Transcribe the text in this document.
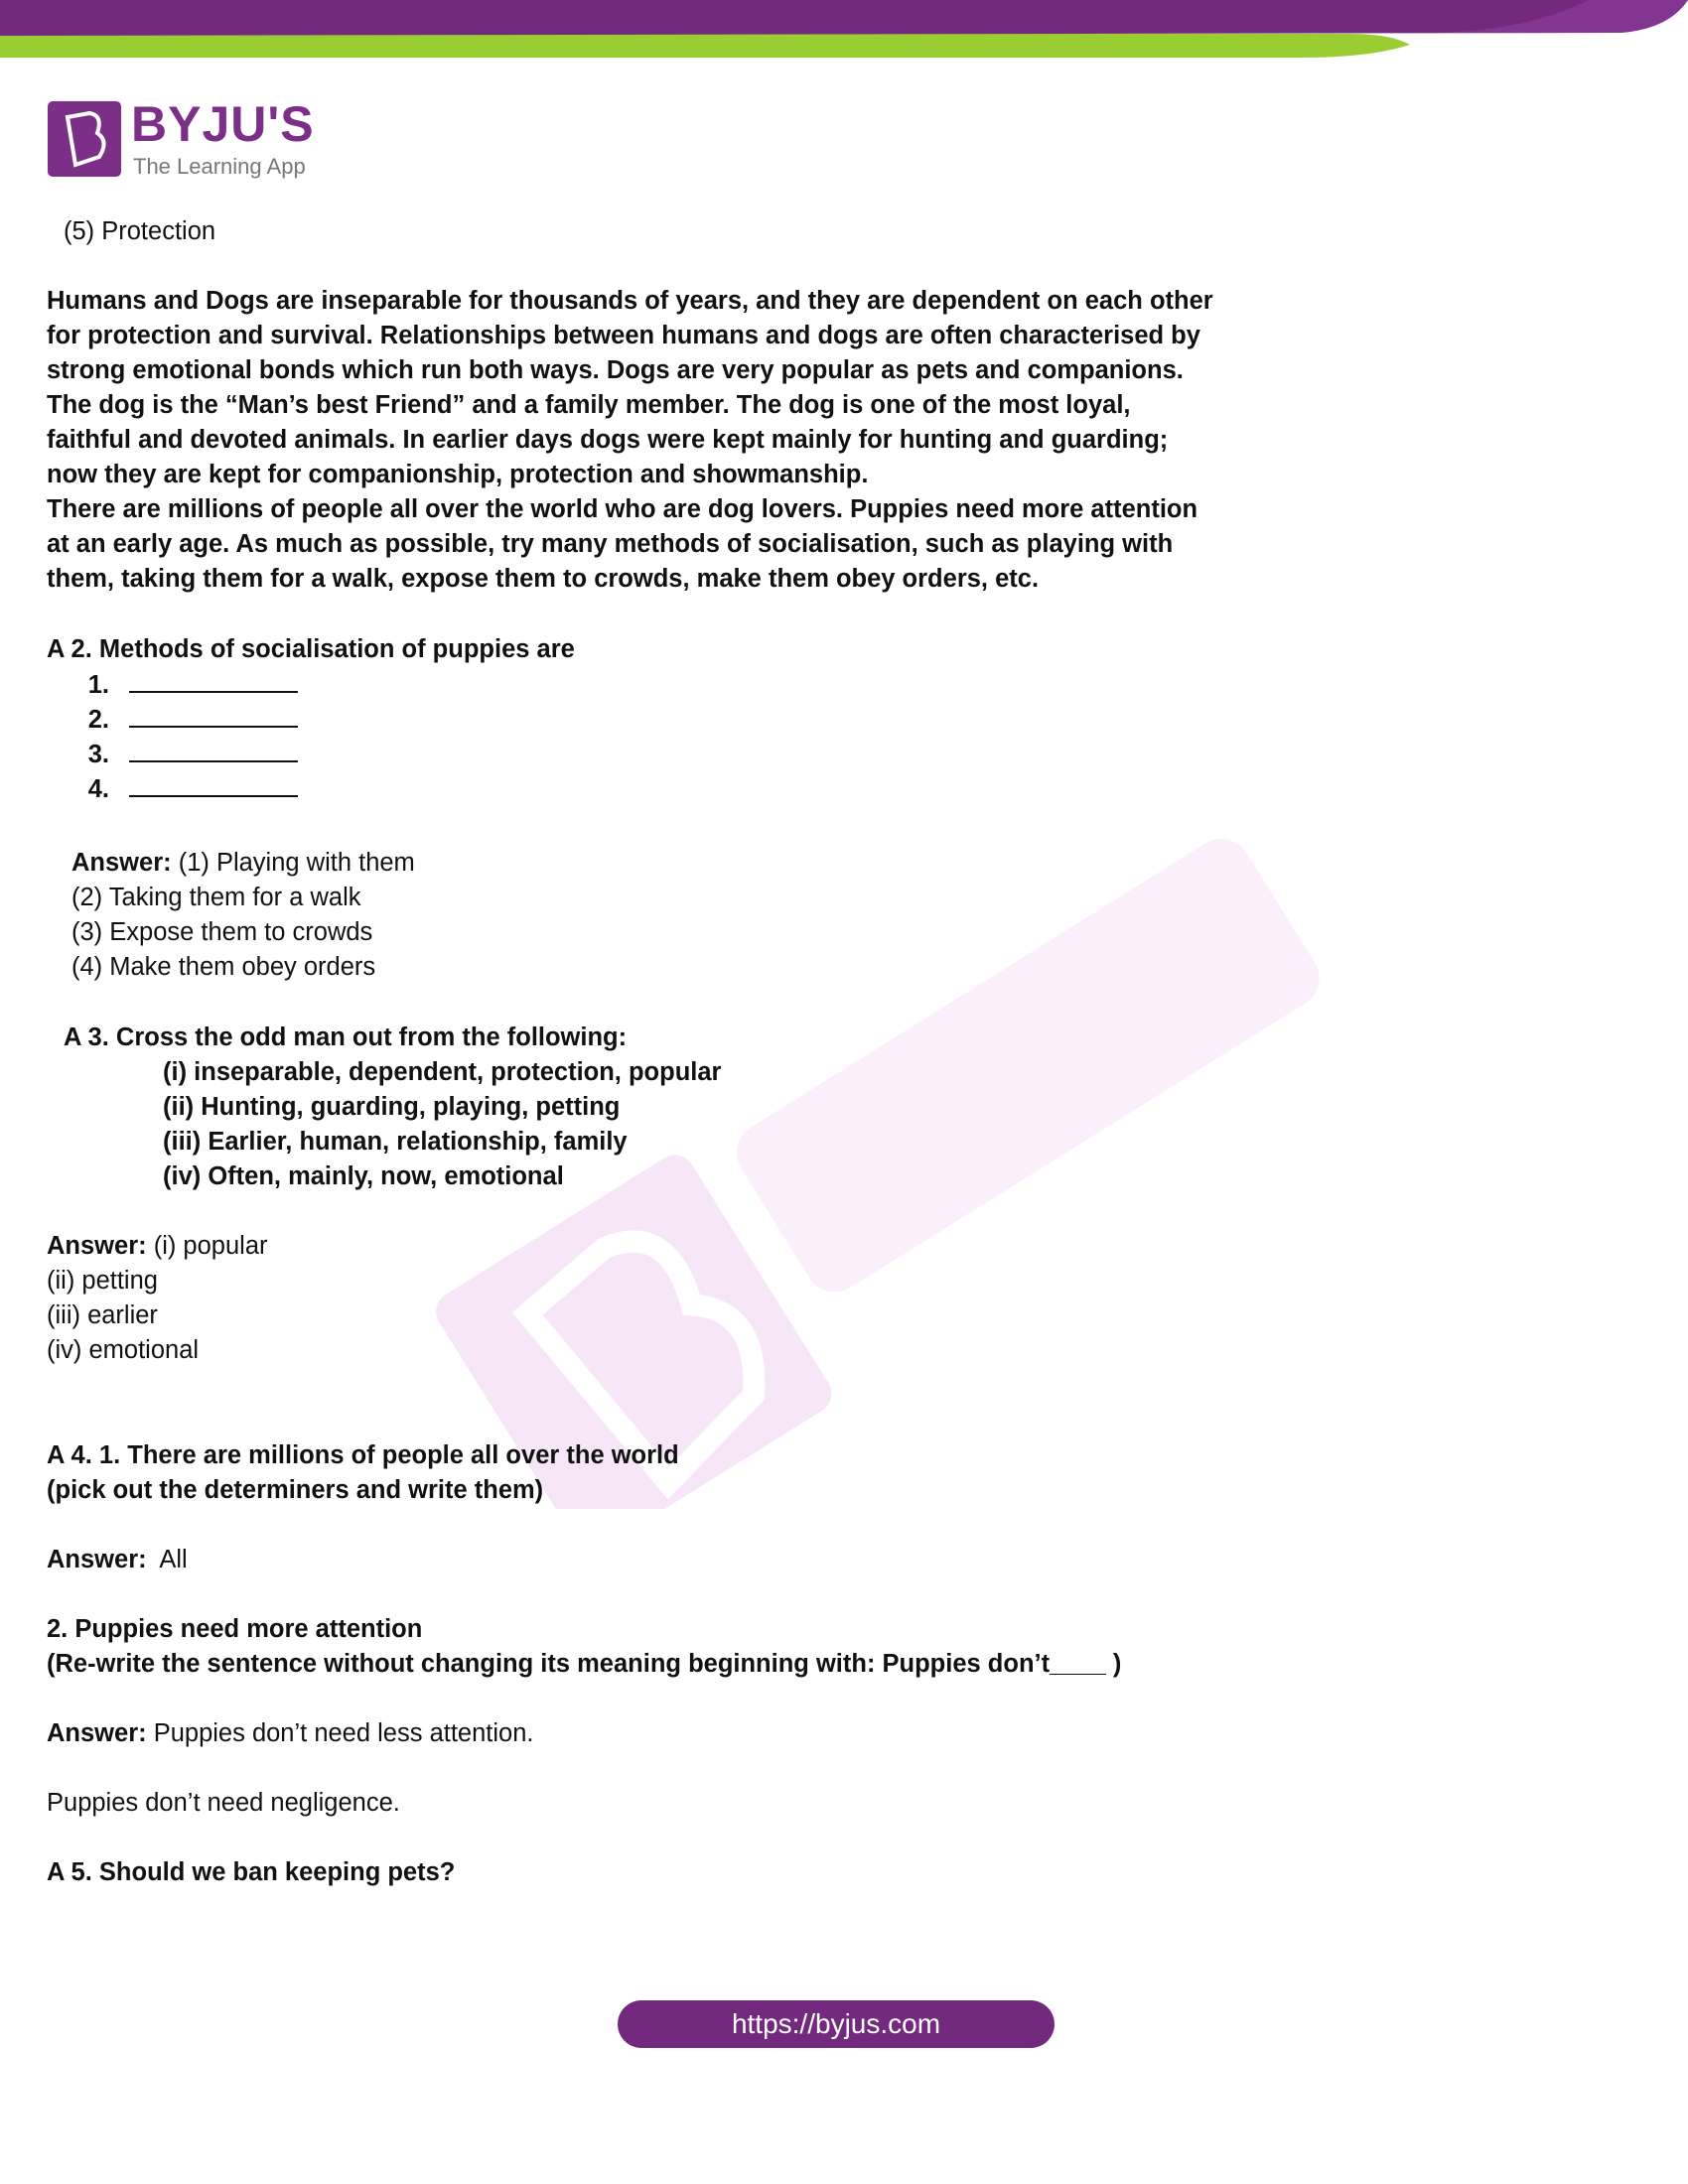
BYJU'S
The Learning App
(5) Protection
Humans and Dogs are inseparable for thousands of years, and they are dependent on each other
for protection and survival. Relationships between humans and dogs are often characterised by
strong emotional bonds which run both ways. Dogs are very popular as pets and companions.
The dog is the “Man’s best Friend” and a family member. The dog is one of the most loyal,
faithful and devoted animals. In earlier days dogs were kept mainly for hunting and guarding;
now they are kept for companionship, protection and showmanship.
There are millions of people all over the world who are dog lovers. Puppies need more attention
at an early age. As much as possible, try many methods of socialisation, such as playing with
them, taking them for a walk, expose them to crowds, make them obey orders, etc.
A 2. Methods of socialisation of puppies are
1.
2.
3.
4.
Answer: (1) Playing with them
(2) Taking them for a walk
(3) Expose them to crowds
(4) Make them obey orders
A 3. Cross the odd man out from the following:
(i) inseparable, dependent, protection, popular
(ii) Hunting, guarding, playing, petting
(iii) Earlier, human, relationship, family
(iv) Often, mainly, now, emotional
Answer: (i) popular
(ii) petting
(iii) earlier
(iv) emotional
A 4. 1. There are millions of people all over the world
(pick out the determiners and write them)
Answer: All
2. Puppies need more attention
(Re-write the sentence without changing its meaning beginning with: Puppies don’t____ )
Answer: Puppies don’t need less attention.
Puppies don’t need negligence.
A 5. Should we ban keeping pets?
https://byjus.com
